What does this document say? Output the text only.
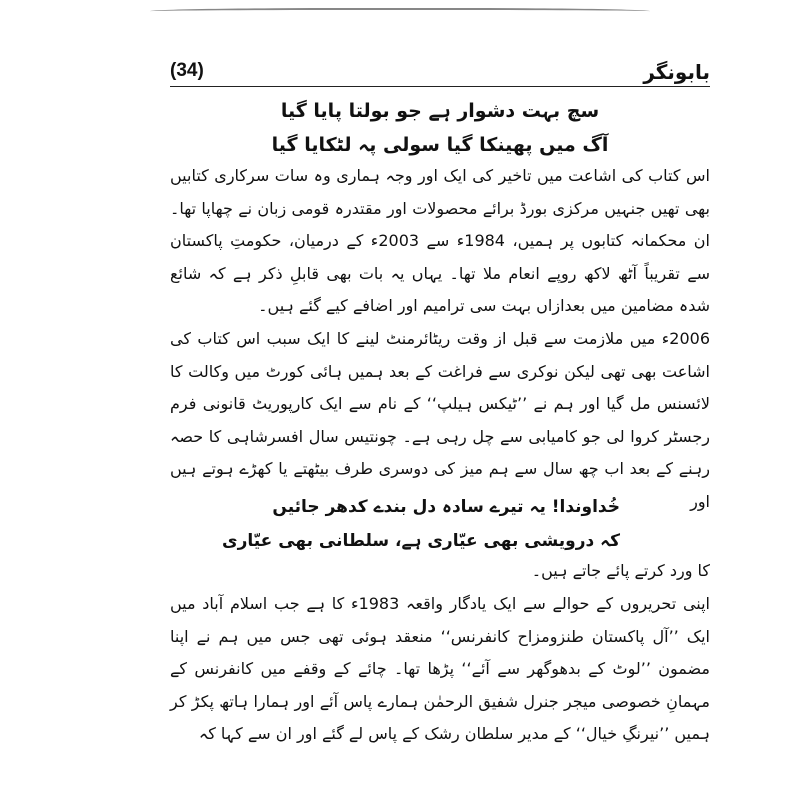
(34)	بابونگر
سچ بہت دشوار ہے جو بولتا پایا گیا
آگ میں پھینکا گیا سولی پہ لٹکایا گیا

اس کتاب کی اشاعت میں تاخیر کی ایک اور وجہ ہماری وہ سات سرکاری کتابیں بھی تھیں جنہیں مرکزی بورڈ برائے محصولات اور مقتدرہ قومی زبان نے چھاپا تھا۔ ان محکمانہ کتابوں پر ہمیں، 1984ء سے 2003ء کے درمیان، حکومتِ پاکستان سے تقریباً آٹھ لاکھ روپے انعام ملا تھا۔ یہاں یہ بات بھی قابلِ ذکر ہے کہ شائع شدہ مضامین میں بعدازاں بہت سی ترامیم اور اضافے کیے گئے ہیں۔

2006ء میں ملازمت سے قبل از وقت ریٹائرمنٹ لینے کا ایک سبب اس کتاب کی اشاعت بھی تھی لیکن نوکری سے فراغت کے بعد ہمیں ہائی کورٹ میں وکالت کا لائسنس مل گیا اور ہم نے ’’ٹیکس ہیلپ‘‘ کے نام سے ایک کارپوریٹ قانونی فرم رجسٹر کروا لی جو کامیابی سے چل رہی ہے۔ چونتیس سال افسرشاہی کا حصہ رہنے کے بعد اب چھ سال سے ہم میز کی دوسری طرف بیٹھتے یا کھڑے ہوتے ہیں اور

خُداوندا! یہ تیرے سادہ دل بندے کدھر جائیں
کہ درویشی بھی عیّاری ہے، سلطانی بھی عیّاری

کا ورد کرتے پائے جاتے ہیں۔

اپنی تحریروں کے حوالے سے ایک یادگار واقعہ 1983ء کا ہے جب اسلام آباد میں ایک ’’آل پاکستان طنزومزاح کانفرنس‘‘ منعقد ہوئی تھی جس میں ہم نے اپنا مضمون ’’لوٹ کے بدھوگھر سے آئے‘‘ پڑھا تھا۔ چائے کے وقفے میں کانفرنس کے مہمانِ خصوصی میجر جنرل شفیق الرحمٰن ہمارے پاس آئے اور ہمارا ہاتھ پکڑ کر ہمیں ’’نیرنگِ خیال‘‘ کے مدیر سلطان رشک کے پاس لے گئے اور ان سے کہا کہ
